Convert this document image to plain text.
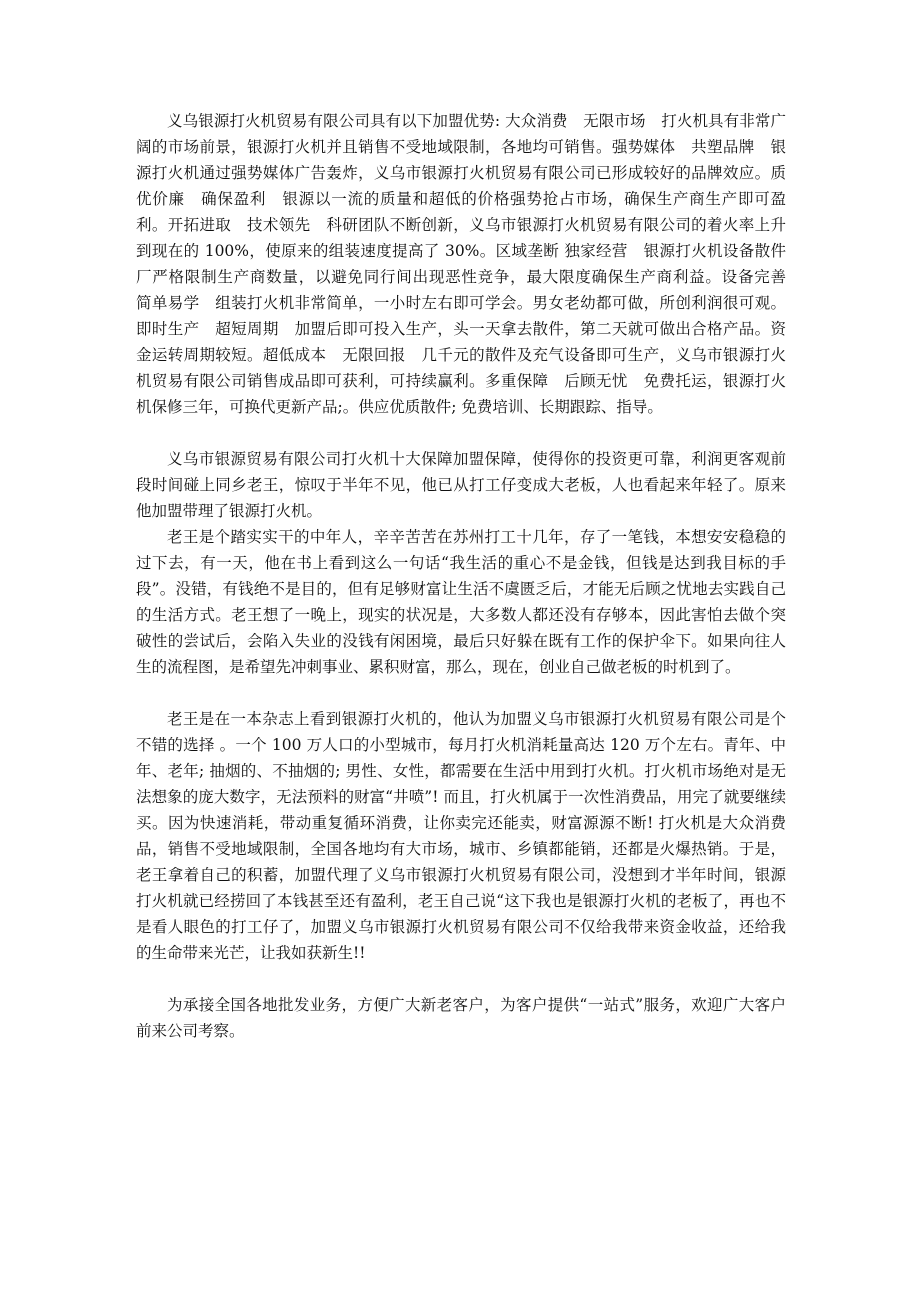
义乌银源打火机贸易有限公司具有以下加盟优势: 大众消费　无限市场　打火机具有非常广阔的市场前景，银源打火机并且销售不受地域限制，各地均可销售。强势媒体　共塑品牌　银源打火机通过强势媒体广告轰炸，义乌市银源打火机贸易有限公司已形成较好的品牌效应。质优价廉　确保盈利　银源以一流的质量和超低的价格强势抢占市场，确保生产商生产即可盈利。开拓进取　技术领先　科研团队不断创新，义乌市银源打火机贸易有限公司的着火率上升到现在的 100%，使原来的组装速度提高了 30%。区域垄断 独家经营　银源打火机设备散件厂严格限制生产商数量，以避免同行间出现恶性竞争，最大限度确保生产商利益。设备完善　简单易学　组装打火机非常简单，一小时左右即可学会。男女老幼都可做，所创利润很可观。即时生产　超短周期　加盟后即可投入生产，头一天拿去散件，第二天就可做出合格产品。资金运转周期较短。超低成本　无限回报　几千元的散件及充气设备即可生产，义乌市银源打火机贸易有限公司销售成品即可获利，可持续赢利。多重保障　后顾无忧　免费托运，银源打火机保修三年，可换代更新产品;。供应优质散件; 免费培训、长期跟踪、指导。

义乌市银源贸易有限公司打火机十大保障加盟保障，使得你的投资更可靠，利润更客观前段时间碰上同乡老王，惊叹于半年不见，他已从打工仔变成大老板，人也看起来年轻了。原来他加盟带理了银源打火机。

老王是个踏实实干的中年人，辛辛苦苦在苏州打工十几年，存了一笔钱，本想安安稳稳的过下去，有一天，他在书上看到这么一句话“我生活的重心不是金钱，但钱是达到我目标的手段”。没错，有钱绝不是目的，但有足够财富让生活不虞匮乏后，才能无后顾之忧地去实践自己的生活方式。老王想了一晚上，现实的状况是，大多数人都还没有存够本，因此害怕去做个突破性的尝试后，会陷入失业的没钱有闲困境，最后只好躲在既有工作的保护伞下。如果向往人生的流程图，是希望先冲刺事业、累积财富，那么，现在，创业自己做老板的时机到了。

老王是在一本杂志上看到银源打火机的，他认为加盟义乌市银源打火机贸易有限公司是个不错的选择 。一个 100 万人口的小型城市，每月打火机消耗量高达 120 万个左右。青年、中年、老年; 抽烟的、不抽烟的; 男性、女性，都需要在生活中用到打火机。打火机市场绝对是无法想象的庞大数字，无法预料的财富“井喷”! 而且，打火机属于一次性消费品，用完了就要继续买。因为快速消耗，带动重复循环消费，让你卖完还能卖，财富源源不断! 打火机是大众消费品，销售不受地域限制，全国各地均有大市场，城市、乡镇都能销，还都是火爆热销。于是，老王拿着自己的积蓄，加盟代理了义乌市银源打火机贸易有限公司，没想到才半年时间，银源打火机就已经捞回了本钱甚至还有盈利，老王自己说“这下我也是银源打火机的老板了，再也不是看人眼色的打工仔了，加盟义乌市银源打火机贸易有限公司不仅给我带来资金收益，还给我的生命带来光芒，让我如获新生!!

为承接全国各地批发业务，方便广大新老客户，为客户提供“一站式”服务，欢迎广大客户前来公司考察。
